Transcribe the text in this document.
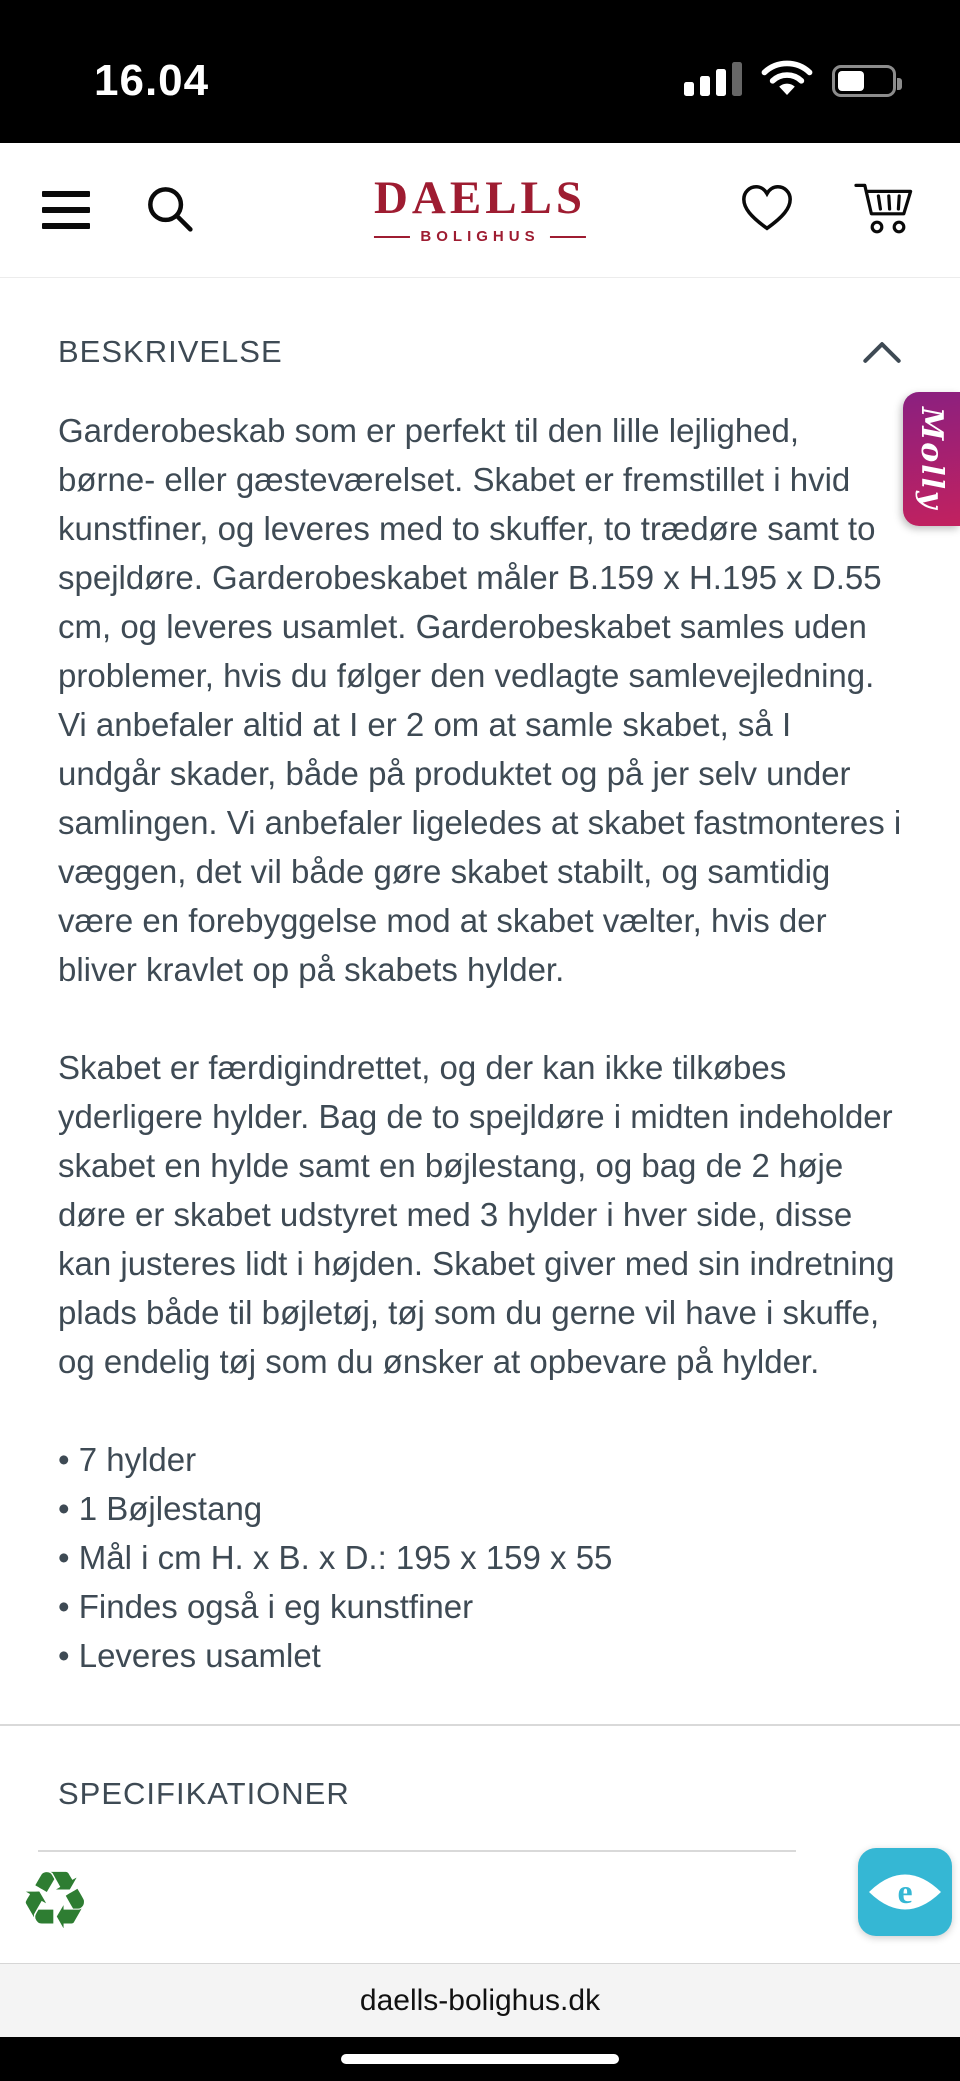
16.04
DAELLS
BOLIGHUS
BESKRIVELSE

Garderobeskab som er perfekt til den lille lejlighed, børne- eller gæsteværelset. Skabet er fremstillet i hvid kunstfiner, og leveres med to skuffer, to trædøre samt to spejldøre. Garderobeskabet måler B.159 x H.195 x D.55 cm, og leveres usamlet. Garderobeskabet samles uden problemer, hvis du følger den vedlagte samlevejledning. Vi anbefaler altid at I er 2 om at samle skabet, så I undgår skader, både på produktet og på jer selv under samlingen. Vi anbefaler ligeledes at skabet fastmonteres i væggen, det vil både gøre skabet stabilt, og samtidig være en forebyggelse mod at skabet vælter, hvis der bliver kravlet op på skabets hylder.

Skabet er færdigindrettet, og der kan ikke tilkøbes yderligere hylder. Bag de to spejldøre i midten indeholder skabet en hylde samt en bøjlestang, og bag de 2 høje døre er skabet udstyret med 3 hylder i hver side, disse kan justeres lidt i højden. Skabet giver med sin indretning plads både til bøjletøj, tøj som du gerne vil have i skuffe, og endelig tøj som du ønsker at opbevare på hylder.

• 7 hylder
• 1 Bøjlestang
• Mål i cm H. x B. x D.: 195 x 159 x 55
• Findes også i eg kunstfiner
• Leveres usamlet
SPECIFIKATIONER
Molly
♻	e
daells-bolighus.dk
